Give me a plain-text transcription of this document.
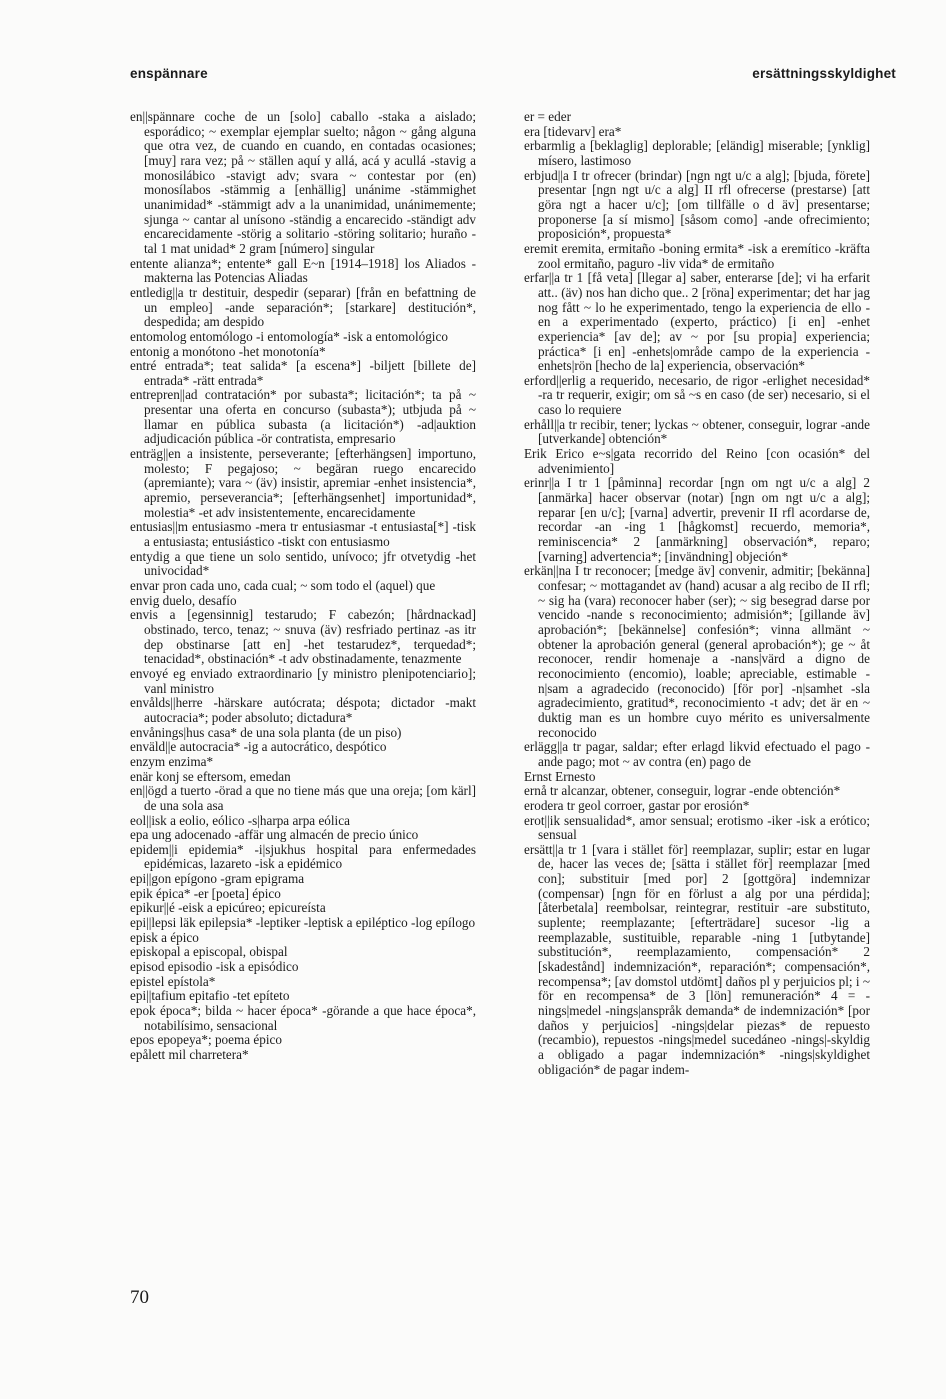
enspännare	ersättningsskyldighet
en||spännare coche de un [solo] caballo -staka a aislado; esporádico; ~ exemplar ejemplar suelto; någon ~ gång alguna que otra vez, de cuando en cuando, en contadas ocasiones; [muy] rara vez; på ~ ställen aquí y allá, acá y acullá -stavig a monosilábico -stavigt adv; svara ~ contestar por (en) monosílabos -stämmig a [enhällig] unánime -stämmighet unanimidad* -stämmigt adv a la unanimidad, unánimemente; sjunga ~ cantar al unísono -ständig a encarecido -ständigt adv encarecidamente -störig a solitario -störing solitario; huraño -tal 1 mat unidad* 2 gram [número] singular
entente alianza*; entente* gall E~n [1914–1918] los Aliados -makterna las Potencias Aliadas
entledig||a tr destituir, despedir (separar) [från en befattning de un empleo] -ande separación*; [starkare] destitución*, despedida; am despido
entomolog entomólogo -i entomología* -isk a entomológico
entonig a monótono -het monotonía*
entré entrada*; teat salida* [a escena*] -biljett [billete de] entrada* -rätt entrada*
entrepren||ad contratación* por subasta*; licitación*; ta på ~ presentar una oferta en concurso (subasta*); utbjuda på ~ llamar en pública subasta (a licitación*) -ad|auktion adjudicación pública -ör contratista, empresario
enträg||en a insistente, perseverante; [efterhängsen] importuno, molesto; F pegajoso; ~ begäran ruego encarecido (apremiante); vara ~ (äv) insistir, apremiar -enhet insistencia*, apremio, perseverancia*; [efterhängsenhet] importunidad*, molestia* -et adv insistentemente, encarecidamente
entusias||m entusiasmo -mera tr entusiasmar -t entusiasta[*] -tisk a entusiasta; entusiástico -tiskt con entusiasmo
entydig a que tiene un solo sentido, unívoco; jfr otvetydig -het univocidad*
envar pron cada uno, cada cual; ~ som todo el (aquel) que
envig duelo, desafío
envis a [egensinnig] testarudo; F cabezón; [hårdnackad] obstinado, terco, tenaz; ~ snuva (äv) resfriado pertinaz -as itr dep obstinarse [att en] -het testarudez*, terquedad*; tenacidad*, obstinación* -t adv obstinadamente, tenazmente
envoyé eg enviado extraordinario [y ministro plenipotenciario]; vanl ministro
envålds||herre -härskare autócrata; déspota; dictador -makt autocracia*; poder absoluto; dictadura*
envånings|hus casa* de una sola planta (de un piso)
enväld||e autocracia* -ig a autocrático, despótico
enzym enzima*
enär konj se eftersom, emedan
en||ögd a tuerto -örad a que no tiene más que una oreja; [om kärl] de una sola asa
eol||isk a eolio, eólico -s|harpa arpa eólica
epa ung adocenado -affär ung almacén de precio único
epidem||i epidemia* -i|sjukhus hospital para enfermedades epidémicas, lazareto -isk a epidémico
epi||gon epígono -gram epigrama
epik épica* -er [poeta] épico
epikur||é -eisk a epicúreo; epicureísta
epi||lepsi läk epilepsia* -leptiker -leptisk a epiléptico -log epílogo
episk a épico
episkopal a episcopal, obispal
episod episodio -isk a episódico
epistel epístola*
epi||tafium epitafio -tet epíteto
epok época*; bilda ~ hacer época* -görande a que hace época*, notabilísimo, sensacional
epos epopeya*; poema épico
epålett mil charretera*
er = eder
era [tidevarv] era*
erbarmlig a [beklaglig] deplorable; [eländig] miserable; [ynklig] mísero, lastimoso
erbjud||a I tr ofrecer (brindar) [ngn ngt u/c a alg]; [bjuda, förete] presentar [ngn ngt u/c a alg] II rfl ofrecerse (prestarse) [att göra ngt a hacer u/c]; [om tillfälle o d äv] presentarse; proponerse [a sí mismo] [såsom como] -ande ofrecimiento; proposición*, propuesta*
eremit eremita, ermitaño -boning ermita* -isk a eremítico -kräfta zool ermitaño, paguro -liv vida* de ermitaño
erfar||a tr 1 [få veta] [llegar a] saber, enterarse [de]; vi ha erfarit att.. (äv) nos han dicho que.. 2 [röna] experimentar; det har jag nog fått ~ lo he experimentado, tengo la experiencia de ello -en a experimentado (experto, práctico) [i en] -enhet experiencia* [av de]; av ~ por [su propia] experiencia; práctica* [i en] -enhets|område campo de la experiencia -enhets|rön [hecho de la] experiencia, observación*
erford||erlig a requerido, necesario, de rigor -erlighet necesidad* -ra tr requerir, exigir; om så ~s en caso (de ser) necesario, si el caso lo requiere
erhåll||a tr recibir, tener; lyckas ~ obtener, conseguir, lograr -ande [utverkande] obtención*
Erik Erico e~s|gata recorrido del Reino [con ocasión* del advenimiento]
erinr||a I tr 1 [påminna] recordar [ngn om ngt u/c a alg] 2 [anmärka] hacer observar (notar) [ngn om ngt u/c a alg]; reparar [en u/c]; [varna] advertir, prevenir II rfl acordarse de, recordar -an -ing 1 [hågkomst] recuerdo, memoria*, reminiscencia* 2 [anmärkning] observación*, reparo; [varning] advertencia*; [invändning] objeción*
erkän||na I tr reconocer; [medge äv] convenir, admitir; [bekänna] confesar; ~ mottagandet av (hand) acusar a alg recibo de II rfl; ~ sig ha (vara) reconocer haber (ser); ~ sig besegrad darse por vencido -nande s reconocimiento; admisión*; [gillande äv] aprobación*; [bekännelse] confesión*; vinna allmänt ~ obtener la aprobación general (general aprobación*); ge ~ åt reconocer, rendir homenaje a -nans|värd a digno de reconocimiento (encomio), loable; apreciable, estimable -n|sam a agradecido (reconocido) [för por] -n|samhet -sla agradecimiento, gratitud*, reconocimiento -t adv; det är en ~ duktig man es un hombre cuyo mérito es universalmente reconocido
erlägg||a tr pagar, saldar; efter erlagd likvid efectuado el pago -ande pago; mot ~ av contra (en) pago de
Ernst Ernesto
ernå tr alcanzar, obtener, conseguir, lograr -ende obtención*
erodera tr geol corroer, gastar por erosión*
erot||ik sensualidad*, amor sensual; erotismo -iker -isk a erótico; sensual
ersätt||a tr 1 [vara i stället för] reemplazar, suplir; estar en lugar de, hacer las veces de; [sätta i stället för] reemplazar [med con]; substituir [med por] 2 [gottgöra] indemnizar (compensar) [ngn för en förlust a alg por una pérdida]; [återbetala] reembolsar, reintegrar, restituir -are substituto, suplente; reemplazante; [efterträdare] sucesor -lig a reemplazable, sustituible, reparable -ning 1 [utbytande] substitución*, reemplazamiento, compensación* 2 [skadestånd] indemnización*, reparación*; compensación*, recompensa*; [av domstol utdömt] daños pl y perjuicios pl; i ~ för en recompensa* de 3 [lön] remuneración* 4 = -nings|medel -nings|anspråk demanda* de indemnización* [por daños y perjuicios] -nings|delar piezas* de repuesto (recambio), repuestos -nings|medel sucedáneo -nings|-skyldig a obligado a pagar indemnización* -nings|skyldighet obligación* de pagar indem-
70
